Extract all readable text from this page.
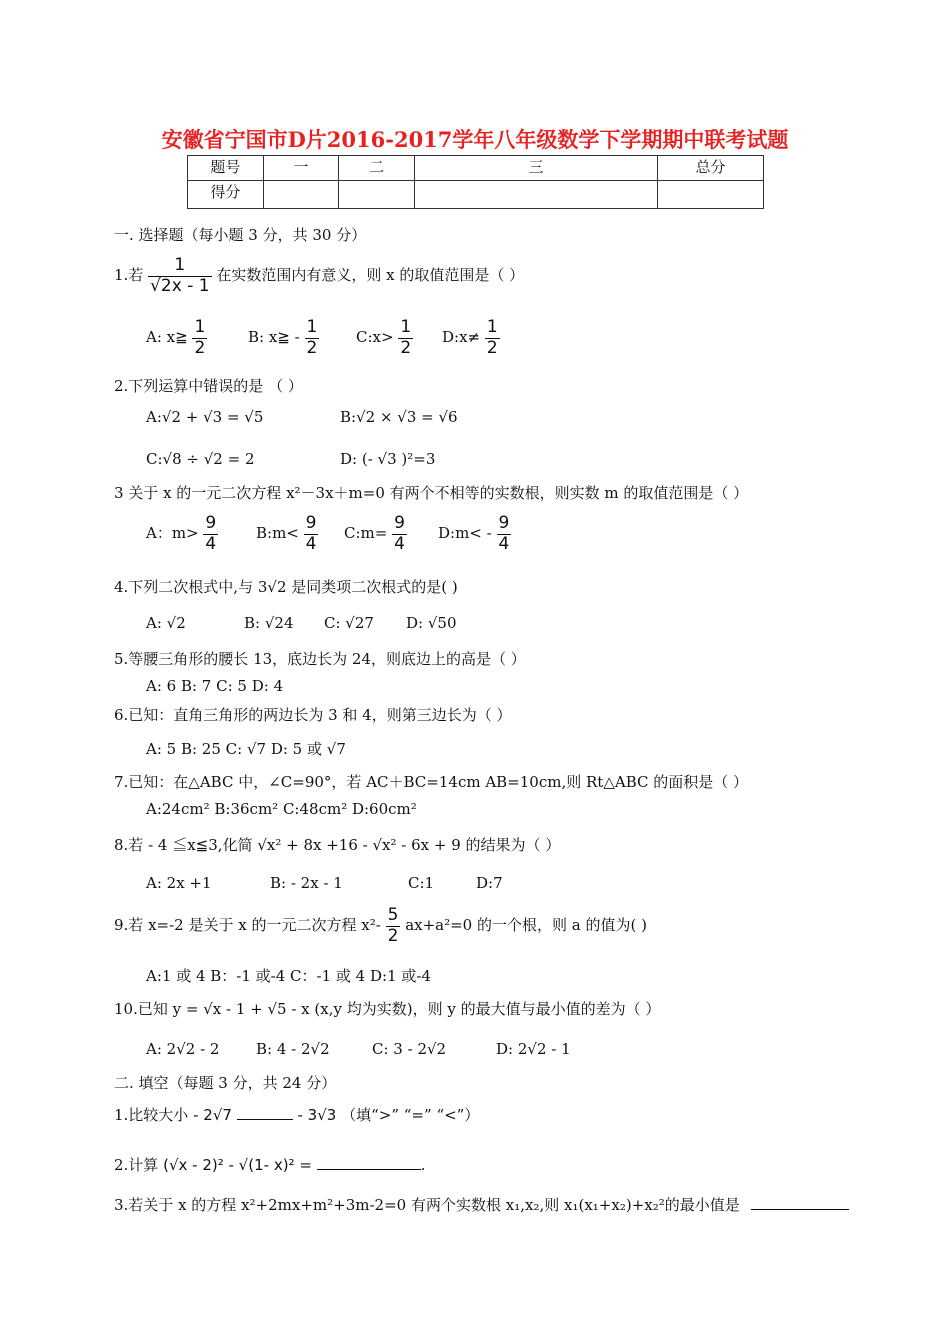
安徽省宁国市D片2016-2017学年八年级数学下学期期中联考试题
题号	一	二	三	总分
得分				
一. 选择题（每小题 3 分，共 30 分）
1.若 $\frac{1}{√2x - 1}$ 在实数范围内有意义，则 x 的取值范围是（ ）
A: x≧ $\frac{1}{2}$	B: x≧ - $\frac{1}{2}$ C:x> $\frac{1}{2}$ D:x≠ $\frac{1}{2}$
2.下列运算中错误的是 （ ）
A:√2 + √3 = √5	B:√2 × √3 = √6
C:√8 ÷ √2 = 2	D: (- √3 )²=3
3 关于 x 的一元二次方程 x²－3x＋m=0 有两个不相等的实数根，则实数 m 的取值范围是（ ）
A：$m> \frac{9}{4}$	B:m< $\frac{9}{4}$ C:m= $\frac{9}{4}$ D:m< - $\frac{9}{4}$
4.下列二次根式中,与 3√2 是同类项二次根式的是( )
A: √2	B: √24 C: √27 D: √50
5.等腰三角形的腰长 13，底边长为 24，则底边上的高是（ ）
A: 6 B: 7 C: 5 D: 4
6.已知：直角三角形的两边长为 3 和 4，则第三边长为（ ）
A: 5 B: 25 C: √7 D: 5 或 √7
7.已知：在△ABC 中，∠C=90°，若 AC＋BC=14cm AB=10cm,则 Rt△ABC 的面积是（ ）
A:24cm² B:36cm² C:48cm² D:60cm²
8.若 - 4 ≦x≦3,化简 √x² + 8x +16 - √x² - 6x + 9 的结果为（ ）
A: 2x +1	B: - 2x - 1	C:1	D:7
9.若 x=-2 是关于 x 的一元二次方程 $x^2- \frac{5}{2} ax+a^2=0$ 的一个根，则 a 的值为( )
A:1 或 4 B：-1 或-4 C：-1 或 4 D:1 或-4
10.已知 y = √x - 1 + √5 - x (x,y 均为实数)，则 y 的最大值与最小值的差为（ ）
A: 2√2 - 2 B: 4 - 2√2	C: 3 - 2√2	D: 2√2 - 1
二. 填空（每题 3 分，共 24 分）
1.比较大小 - 2√7	- 3√3 （填“>” “=” “<”）
2.计算 (√x - 2)² - √(1- x)² =	.
3.若关于 x 的方程 x²+2mx+m²+3m-2=0 有两个实数根 x₁,x₂,则 x₁(x₁+x₂)+x₂²的最小值是
